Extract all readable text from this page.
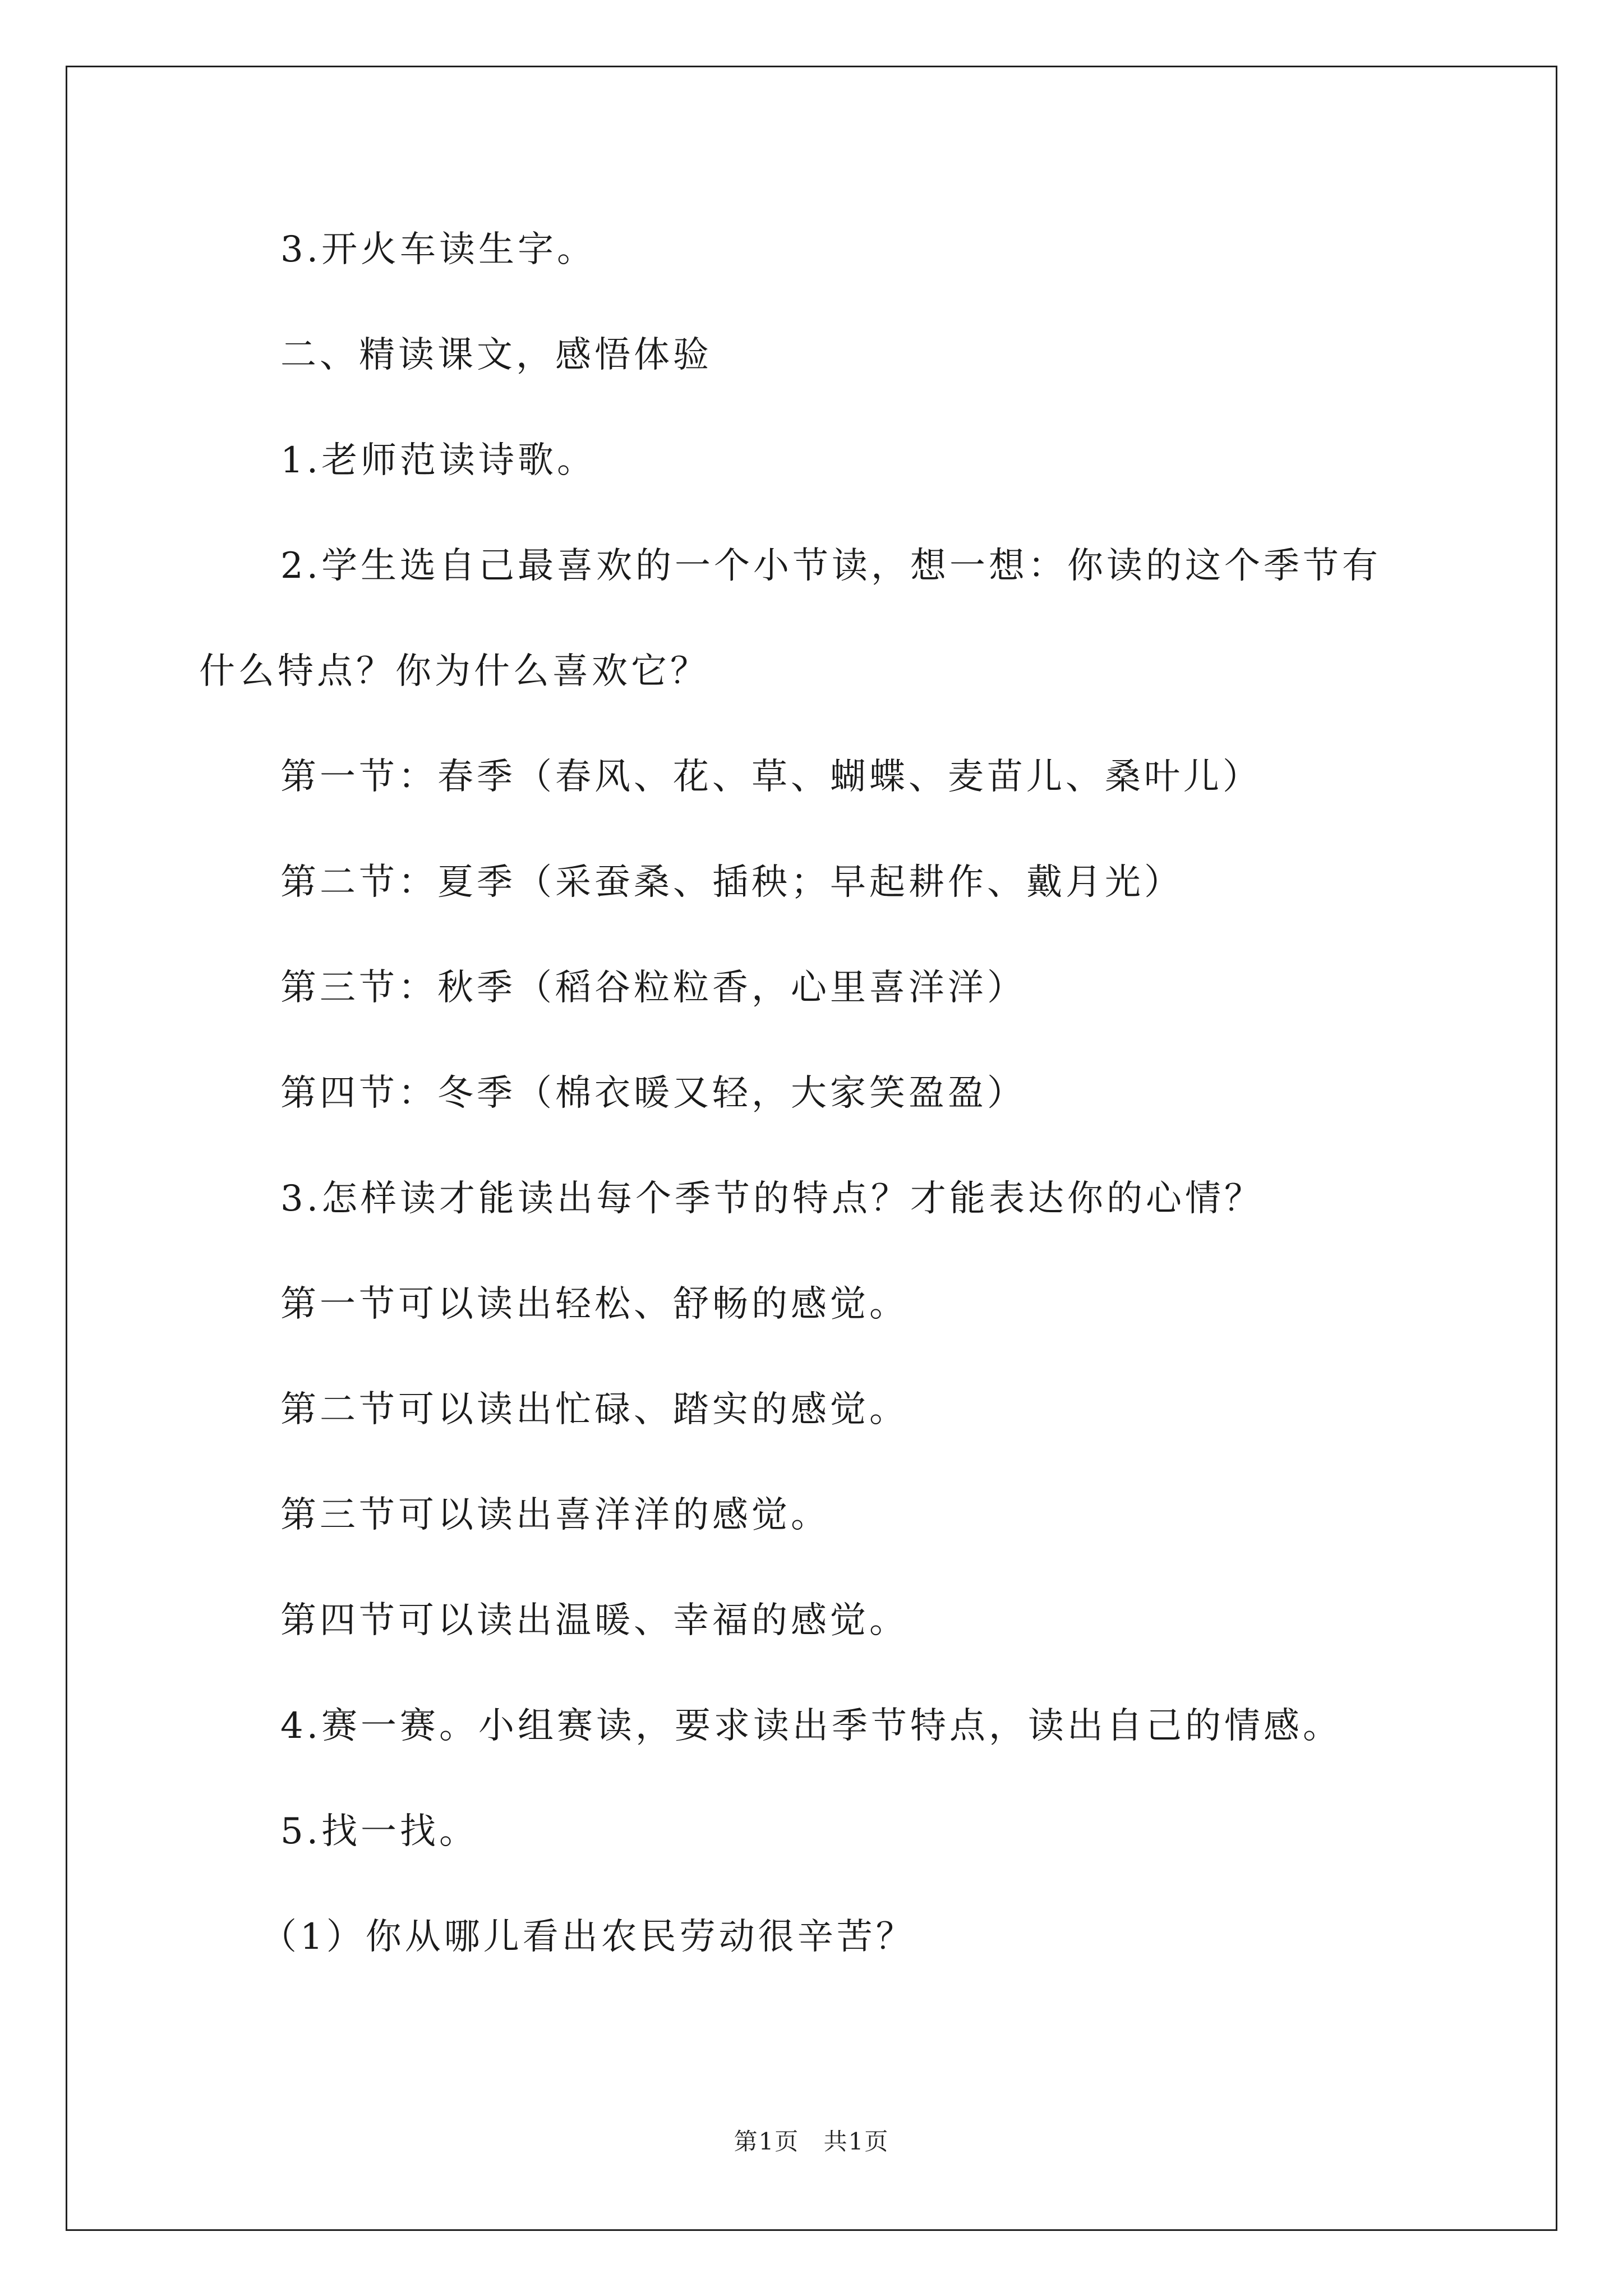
3.开火车读生字。
二、精读课文，感悟体验
1.老师范读诗歌。
2.学生选自己最喜欢的一个小节读，想一想：你读的这个季节有
什么特点？你为什么喜欢它？
第一节：春季（春风、花、草、蝴蝶、麦苗儿、桑叶儿）
第二节：夏季（采蚕桑、插秧；早起耕作、戴月光）
第三节：秋季（稻谷粒粒香，心里喜洋洋）
第四节：冬季（棉衣暖又轻，大家笑盈盈）
3.怎样读才能读出每个季节的特点？才能表达你的心情？
第一节可以读出轻松、舒畅的感觉。
第二节可以读出忙碌、踏实的感觉。
第三节可以读出喜洋洋的感觉。
第四节可以读出温暖、幸福的感觉。
4.赛一赛。小组赛读，要求读出季节特点，读出自己的情感。
5.找一找。
（1）你从哪儿看出农民劳动很辛苦？
第1页 共1页
